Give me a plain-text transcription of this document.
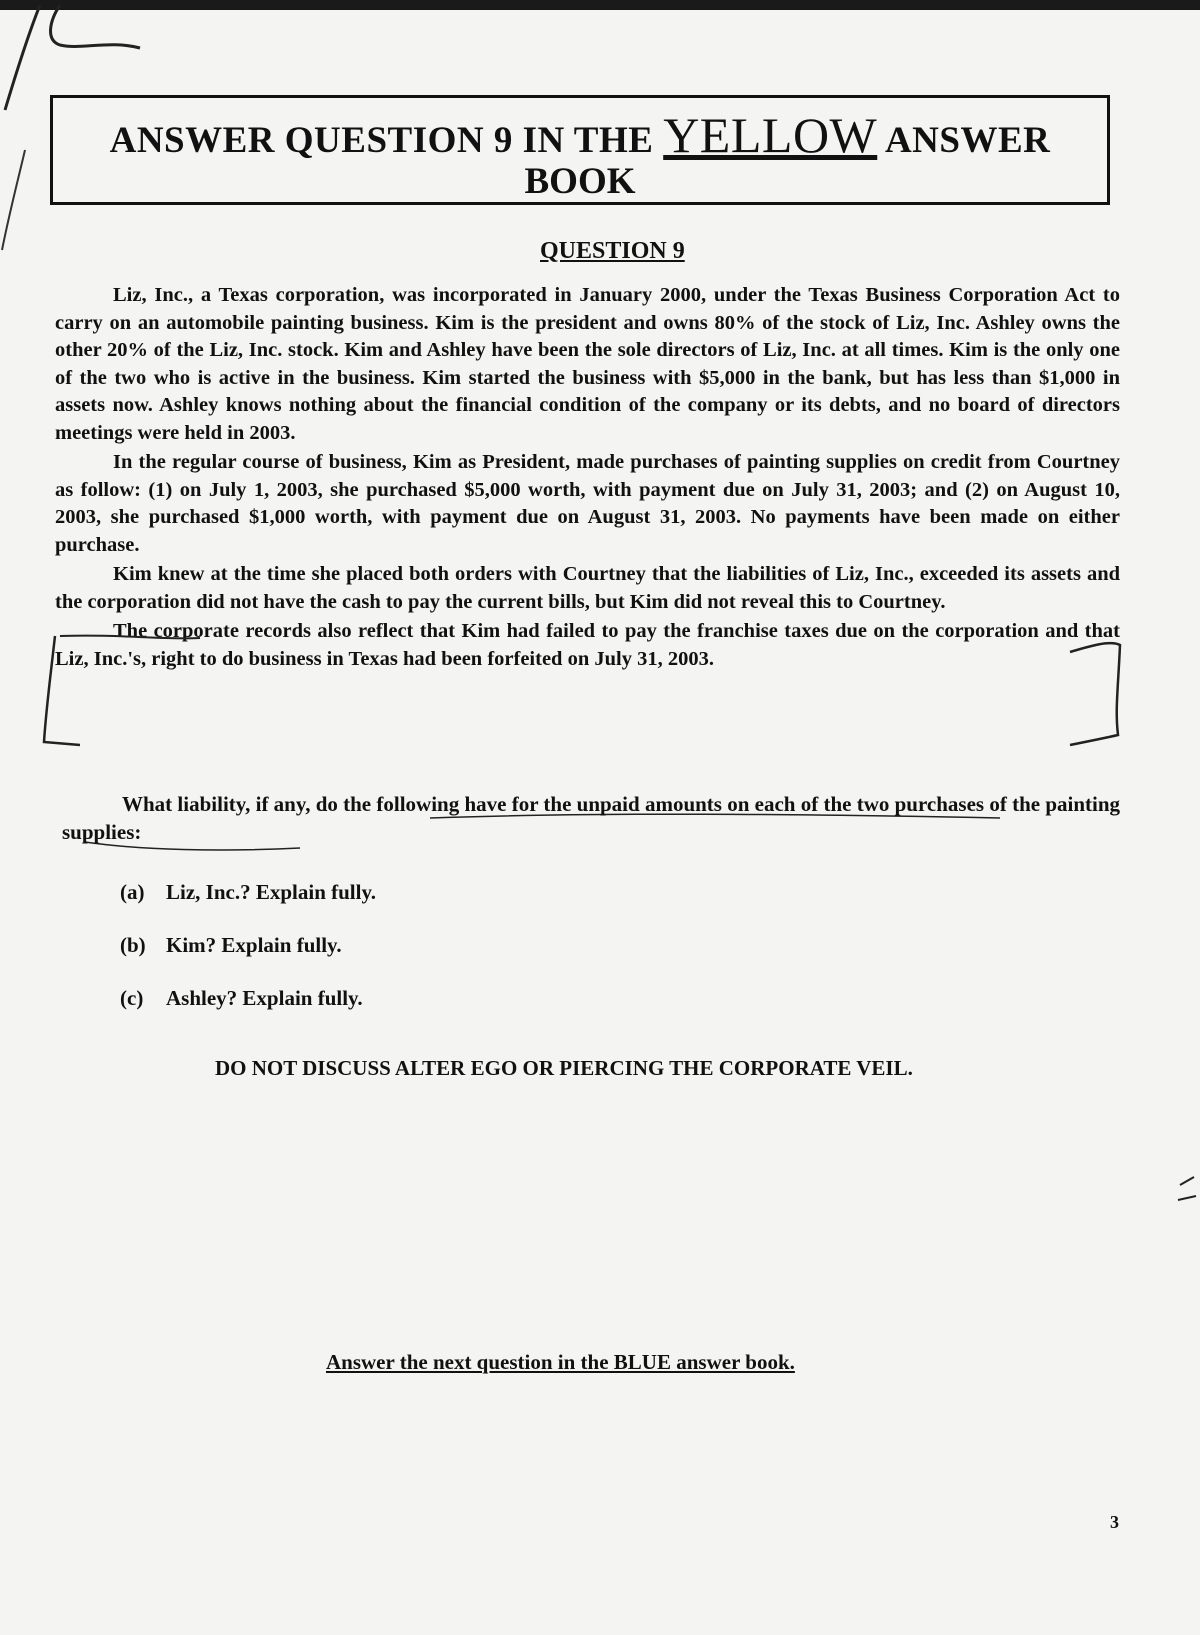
ANSWER QUESTION 9 IN THE YELLOW ANSWER
BOOK
QUESTION 9

Liz, Inc., a Texas corporation, was incorporated in January 2000, under the Texas Business Corporation Act to carry on an automobile painting business. Kim is the president and owns 80% of the stock of Liz, Inc. Ashley owns the other 20% of the Liz, Inc. stock. Kim and Ashley have been the sole directors of Liz, Inc. at all times. Kim is the only one of the two who is active in the business. Kim started the business with $5,000 in the bank, but has less than $1,000 in assets now. Ashley knows nothing about the financial condition of the company or its debts, and no board of directors meetings were held in 2003.

In the regular course of business, Kim as President, made purchases of painting supplies on credit from Courtney as follow: (1) on July 1, 2003, she purchased $5,000 worth, with payment due on July 31, 2003; and (2) on August 10, 2003, she purchased $1,000 worth, with payment due on August 31, 2003. No payments have been made on either purchase.

Kim knew at the time she placed both orders with Courtney that the liabilities of Liz, Inc., exceeded its assets and the corporation did not have the cash to pay the current bills, but Kim did not reveal this to Courtney.

The corporate records also reflect that Kim had failed to pay the franchise taxes due on the corporation and that Liz, Inc.'s, right to do business in Texas had been forfeited on July 31, 2003.

What liability, if any, do the following have for the unpaid amounts on each of the two purchases of the painting supplies:
(a) Liz, Inc.? Explain fully.
(b) Kim? Explain fully.
(c) Ashley? Explain fully.
DO NOT DISCUSS ALTER EGO OR PIERCING THE CORPORATE VEIL.
Answer the next question in the BLUE answer book.
3
